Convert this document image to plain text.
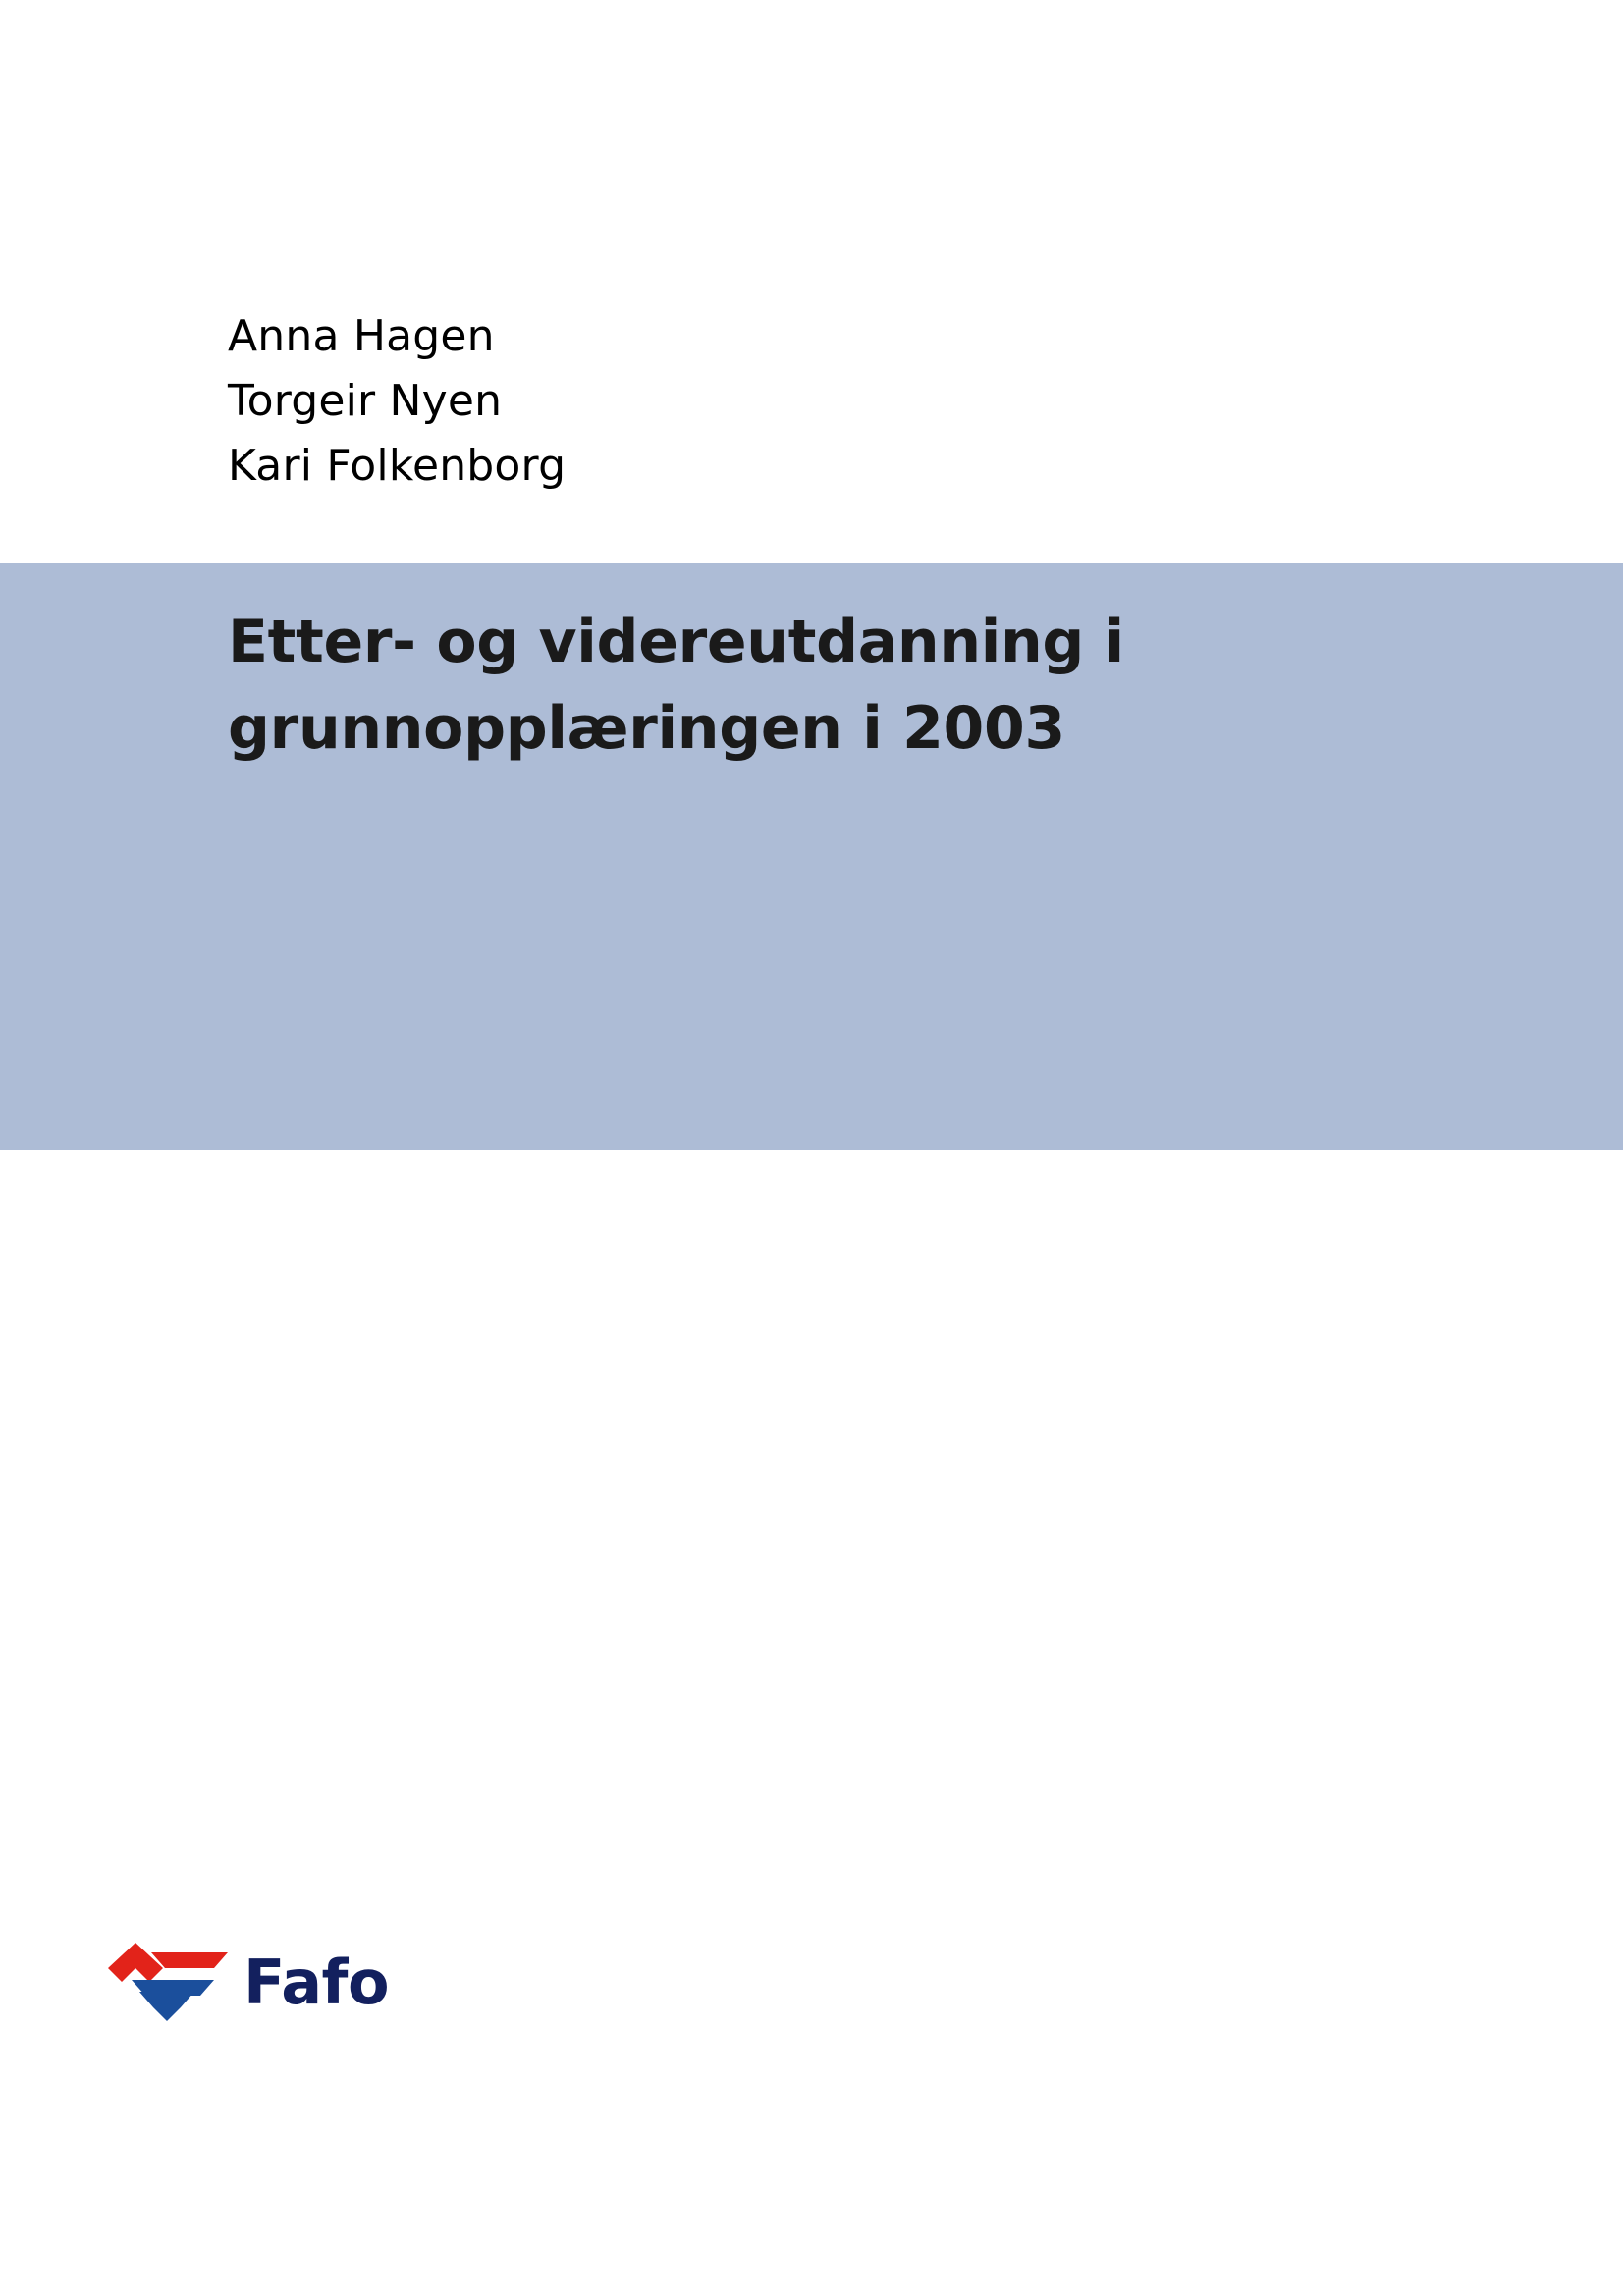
Anna Hagen
Torgeir Nyen
Kari Folkenborg
Etter- og videreutdanning i
grunnopplæringen i 2003
Fafo
